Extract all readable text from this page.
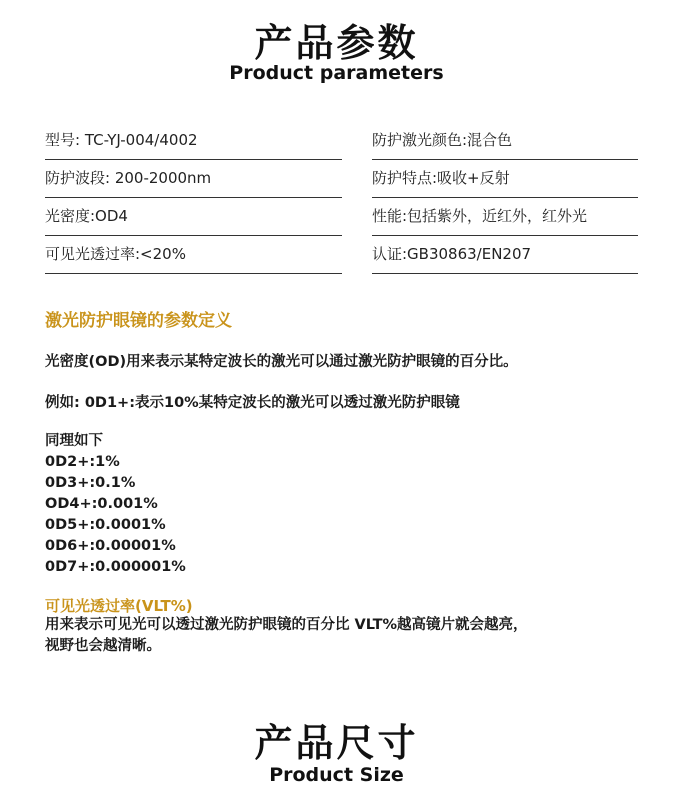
产品参数
Product parameters
型号: TC-YJ-004/4002	防护激光颜色:混合色
防护波段: 200-2000nm	防护特点:吸收+反射
光密度:OD4	性能:包括紫外，近红外，红外光
可见光透过率:<20%	认证:GB30863/EN207
激光防护眼镜的参数定义
光密度(OD)用来表示某特定波长的激光可以通过激光防护眼镜的百分比。
例如: 0D1+:表示10%某特定波长的激光可以透过激光防护眼镜
同理如下
0D2+:1%
0D3+:0.1%
OD4+:0.001%
0D5+:0.0001%
0D6+:0.00001%
0D7+:0.000001%
可见光透过率(VLT%)
用来表示可见光可以透过激光防护眼镜的百分比 VLT%越高镜片就会越亮，
视野也会越清晰。
产品尺寸
Product Size
